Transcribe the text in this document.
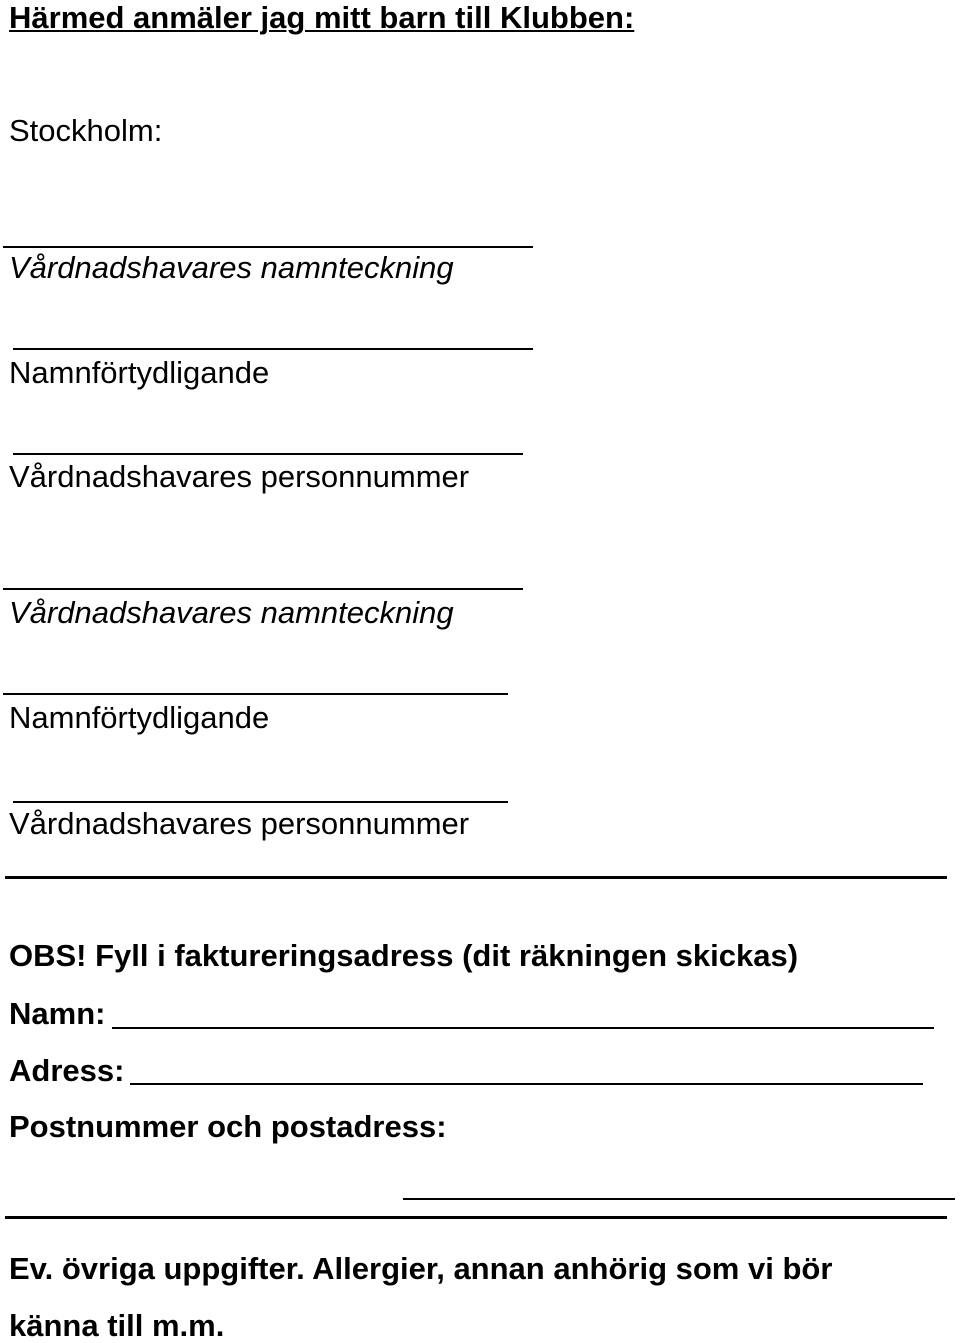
Härmed anmäler jag mitt barn till Klubben:

Stockholm:

Vårdnadshavares namnteckning

Namnförtydligande

Vårdnadshavares personnummer

Vårdnadshavares namnteckning

Namnförtydligande

Vårdnadshavares personnummer

OBS! Fyll i faktureringsadress (dit räkningen skickas)

Namn:

Adress:

Postnummer och postadress:

Ev. övriga uppgifter. Allergier, annan anhörig som vi bör

känna till m.m.
